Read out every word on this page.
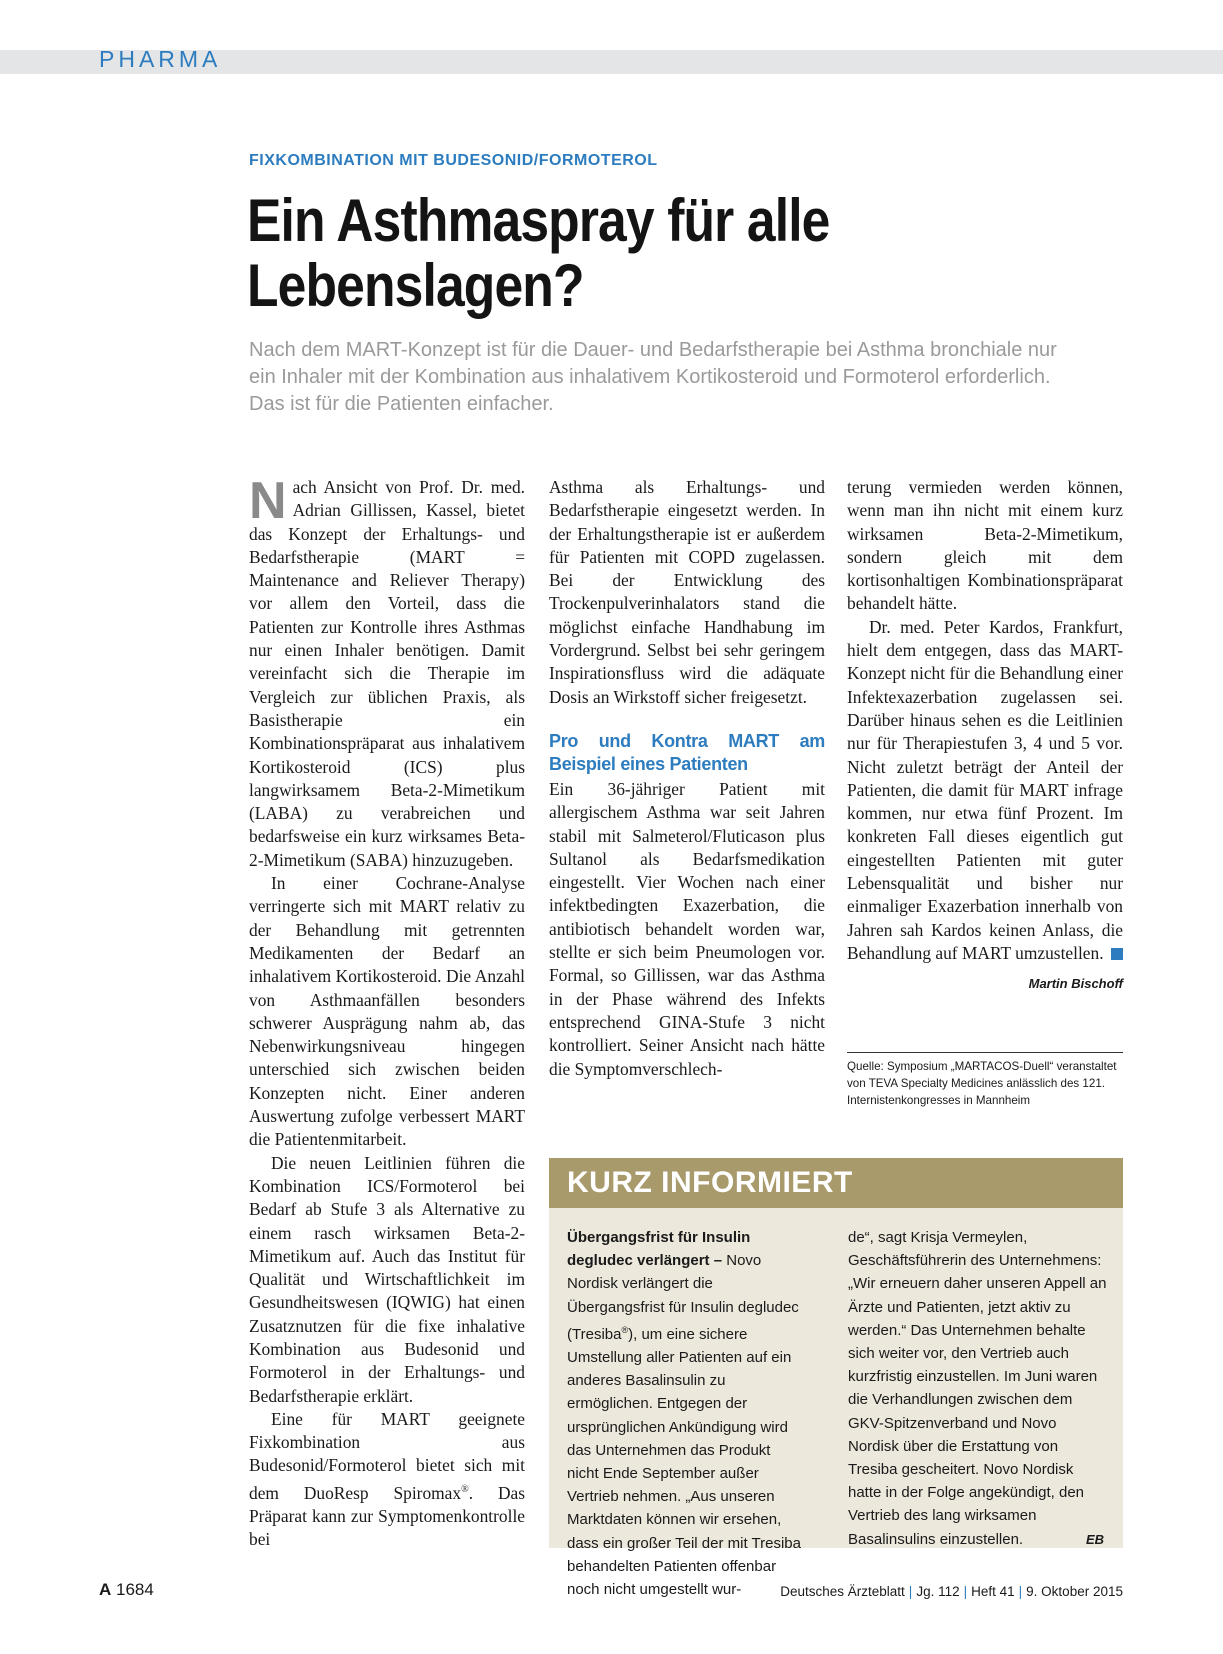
PHARMA
FIXKOMBINATION MIT BUDESONID/FORMOTEROL
Ein Asthmaspray für alle
Lebenslagen?
Nach dem MART-Konzept ist für die Dauer- und Bedarfstherapie bei Asthma bronchiale nur ein Inhaler mit der Kombination aus inhalativem Kortikosteroid und Formoterol erforderlich. Das ist für die Patienten einfacher.

Nach Ansicht von Prof. Dr. med. Adrian Gillissen, Kassel, bietet das Konzept der Erhaltungs- und Bedarfstherapie (MART = Maintenance and Reliever Therapy) vor allem den Vorteil, dass die Patienten zur Kontrolle ihres Asthmas nur einen Inhaler benötigen. Damit vereinfacht sich die Therapie im Vergleich zur üblichen Praxis, als Basistherapie ein Kombinationspräparat aus inhalativem Kortikosteroid (ICS) plus langwirksamem Beta-2-Mimetikum (LABA) zu verabreichen und bedarfsweise ein kurz wirksames Beta-2-Mimetikum (SABA) hinzuzugeben.

In einer Cochrane-Analyse verringerte sich mit MART relativ zu der Behandlung mit getrennten Medikamenten der Bedarf an inhalativem Kortikosteroid. Die Anzahl von Asthmaanfällen besonders schwerer Ausprägung nahm ab, das Nebenwirkungsniveau hingegen unterschied sich zwischen beiden Konzepten nicht. Einer anderen Auswertung zufolge verbessert MART die Patientenmitarbeit.

Die neuen Leitlinien führen die Kombination ICS/Formoterol bei Bedarf ab Stufe 3 als Alternative zu einem rasch wirksamen Beta-2-Mimetikum auf. Auch das Institut für Qualität und Wirtschaftlichkeit im Gesundheitswesen (IQWIG) hat einen Zusatznutzen für die fixe inhalative Kombination aus Budesonid und Formoterol in der Erhaltungs- und Bedarfstherapie erklärt.

Eine für MART geeignete Fixkombination aus Budesonid/Formoterol bietet sich mit dem DuoResp Spiromax®. Das Präparat kann zur Symptomenkontrolle bei

Asthma als Erhaltungs- und Bedarfstherapie eingesetzt werden. In der Erhaltungstherapie ist er außerdem für Patienten mit COPD zugelassen. Bei der Entwicklung des Trockenpulverinhalators stand die möglichst einfache Handhabung im Vordergrund. Selbst bei sehr geringem Inspirationsfluss wird die adäquate Dosis an Wirkstoff sicher freigesetzt.

Pro und Kontra MART am Beispiel eines Patienten

Ein 36-jähriger Patient mit allergischem Asthma war seit Jahren stabil mit Salmeterol/Fluticason plus Sultanol als Bedarfsmedikation eingestellt. Vier Wochen nach einer infektbedingten Exazerbation, die antibiotisch behandelt worden war, stellte er sich beim Pneumologen vor. Formal, so Gillissen, war das Asthma in der Phase während des Infekts entsprechend GINA-Stufe 3 nicht kontrolliert. Seiner Ansicht nach hätte die Symptomverschlech-

terung vermieden werden können, wenn man ihn nicht mit einem kurz wirksamen Beta-2-Mimetikum, sondern gleich mit dem kortisonhaltigen Kombinationspräparat behandelt hätte.

Dr. med. Peter Kardos, Frankfurt, hielt dem entgegen, dass das MART-Konzept nicht für die Behandlung einer Infektexazerbation zugelassen sei. Darüber hinaus sehen es die Leitlinien nur für Therapiestufen 3, 4 und 5 vor. Nicht zuletzt beträgt der Anteil der Patienten, die damit für MART infrage kommen, nur etwa fünf Prozent. Im konkreten Fall dieses eigentlich gut eingestellten Patienten mit guter Lebensqualität und bisher nur einmaliger Exazerbation innerhalb von Jahren sah Kardos keinen Anlass, die Behandlung auf MART umzustellen.

Martin Bischoff
Quelle: Symposium „MARTACOS-Duell“ veranstaltet von TEVA Specialty Medicines anlässlich des 121. Internistenkongresses in Mannheim
KURZ INFORMIERT

Übergangsfrist für Insulin degludec verlängert – Novo Nordisk verlängert die Übergangsfrist für Insulin degludec (Tresiba®), um eine sichere Umstellung aller Patienten auf ein anderes Basalinsulin zu ermöglichen. Entgegen der ursprünglichen Ankündigung wird das Unternehmen das Produkt nicht Ende September außer Vertrieb nehmen. „Aus unseren Marktdaten können wir ersehen, dass ein großer Teil der mit Tresiba behandelten Patienten offenbar noch nicht umgestellt wur-

de“, sagt Krisja Vermeylen, Geschäftsführerin des Unternehmens: „Wir erneuern daher unseren Appell an Ärzte und Patienten, jetzt aktiv zu werden.“ Das Unternehmen behalte sich weiter vor, den Vertrieb auch kurzfristig einzustellen. Im Juni waren die Verhandlungen zwischen dem GKV-Spitzenverband und Novo Nordisk über die Erstattung von Tresiba gescheitert. Novo Nordisk hatte in der Folge angekündigt, den Vertrieb des lang wirksamen Basalinsulins einzustellen.	EB

A 1684	Deutsches Ärzteblatt | Jg. 112 | Heft 41 | 9. Oktober 2015
